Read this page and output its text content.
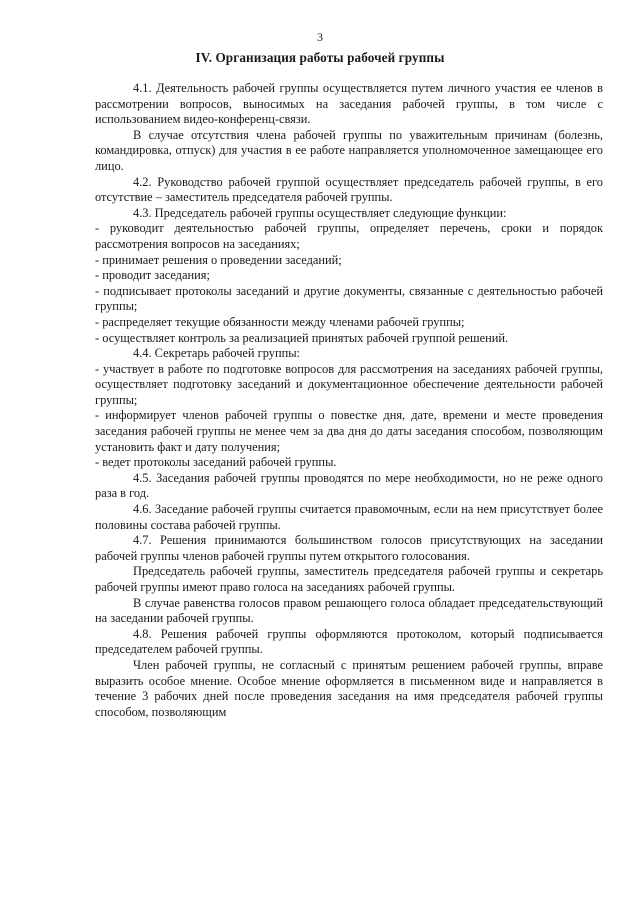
3
IV. Организация работы рабочей группы

4.1. Деятельность рабочей группы осуществляется путем личного участия ее членов в рассмотрении вопросов, выносимых на заседания рабочей группы, в том числе с использованием видео-конференц-связи.

В случае отсутствия члена рабочей группы по уважительным причинам (болезнь, командировка, отпуск) для участия в ее работе направляется уполномоченное замещающее его лицо.

4.2. Руководство рабочей группой осуществляет председатель рабочей группы, в его отсутствие – заместитель председателя рабочей группы.

4.3. Председатель рабочей группы осуществляет следующие функции:

- руководит деятельностью рабочей группы, определяет перечень, сроки и порядок рассмотрения вопросов на заседаниях;

- принимает решения о проведении заседаний;

- проводит заседания;

- подписывает протоколы заседаний и другие документы, связанные с деятельностью рабочей группы;

- распределяет текущие обязанности между членами рабочей группы;

- осуществляет контроль за реализацией принятых рабочей группой решений.

4.4. Секретарь рабочей группы:

- участвует в работе по подготовке вопросов для рассмотрения на заседаниях рабочей группы, осуществляет подготовку заседаний и документационное обеспечение деятельности рабочей группы;

- информирует членов рабочей группы о повестке дня, дате, времени и месте проведения заседания рабочей группы не менее чем за два дня до даты заседания способом, позволяющим установить факт и дату получения;

- ведет протоколы заседаний рабочей группы.

4.5. Заседания рабочей группы проводятся по мере необходимости, но не реже одного раза в год.

4.6. Заседание рабочей группы считается правомочным, если на нем присутствует более половины состава рабочей группы.

4.7. Решения принимаются большинством голосов присутствующих на заседании рабочей группы членов рабочей группы путем открытого голосования.

Председатель рабочей группы, заместитель председателя рабочей группы и секретарь рабочей группы имеют право голоса на заседаниях рабочей группы.

В случае равенства голосов правом решающего голоса обладает председательствующий на заседании рабочей группы.

4.8. Решения рабочей группы оформляются протоколом, который подписывается председателем рабочей группы.

Член рабочей группы, не согласный с принятым решением рабочей группы, вправе выразить особое мнение. Особое мнение оформляется в письменном виде и направляется в течение 3 рабочих дней после проведения заседания на имя председателя рабочей группы способом, позволяющим
